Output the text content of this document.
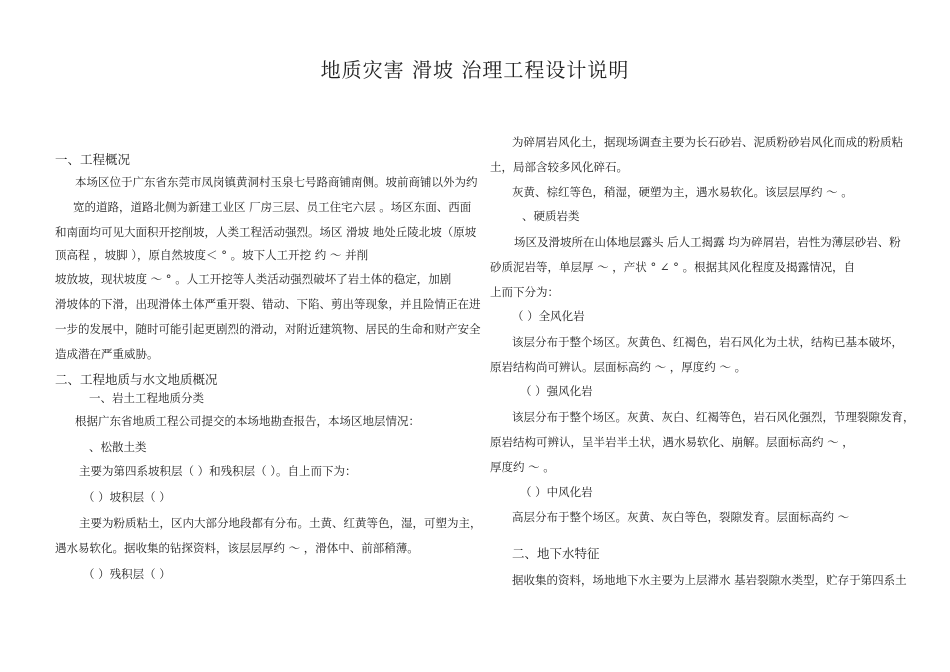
地质灾害 滑坡 治理工程设计说明

一、工程概况

本场区位于广东省东莞市凤岗镇黄洞村玉泉七号路商铺南侧。坡前商铺以外为约

宽的道路，道路北侧为新建工业区 厂房三层、员工住宅六层 。场区东面、西面

和南面均可见大面积开挖削坡，人类工程活动强烈。场区 滑坡 地处丘陵北坡（原坡

顶高程 ，坡脚 ），原自然坡度＜ ° 。坡下人工开挖 约 ～ 并削

坡放坡，现状坡度 ～ ° 。人工开挖等人类活动强烈破坏了岩土体的稳定，加剧

滑坡体的下滑，出现滑体土体严重开裂、错动、下陷、剪出等现象，并且险情正在进

一步的发展中，随时可能引起更剧烈的滑动，对附近建筑物、居民的生命和财产安全

造成潜在严重威胁。

二、工程地质与水文地质概况

一、岩土工程地质分类

根据广东省地质工程公司提交的本场地勘查报告，本场区地层情况：

、松散土类

主要为第四系坡积层（ ）和残积层（ ）。自上而下为：

（ ）坡积层（ ）

主要为粉质粘土，区内大部分地段都有分布。土黄、红黄等色，湿，可塑为主，

遇水易软化。据收集的钻探资料，该层层厚约 ～ ，滑体中、前部稍薄。

（ ）残积层（ ）

为碎屑岩风化土，据现场调查主要为长石砂岩、泥质粉砂岩风化而成的粉质粘

土，局部含较多风化碎石。

灰黄、棕红等色，稍湿，硬塑为主，遇水易软化。该层层厚约 ～ 。

、硬质岩类

场区及滑坡所在山体地层露头 后人工揭露 均为碎屑岩，岩性为薄层砂岩、粉

砂质泥岩等，单层厚 ～ ，产状 ° ∠ ° 。根据其风化程度及揭露情况，自

上而下分为：

（ ）全风化岩

该层分布于整个场区。灰黄色、红褐色，岩石风化为土状，结构已基本破坏，

原岩结构尚可辨认。层面标高约 ～ ，厚度约 ～ 。

（ ）强风化岩

该层分布于整个场区。灰黄、灰白、红褐等色，岩石风化强烈，节理裂隙发育，

原岩结构可辨认，呈半岩半土状，遇水易软化、崩解。层面标高约 ～ ，

厚度约 ～ 。

（ ）中风化岩

高层分布于整个场区。灰黄、灰白等色，裂隙发育。层面标高约 ～

二、地下水特征

据收集的资料，场地地下水主要为上层滞水 基岩裂隙水类型，贮存于第四系土
